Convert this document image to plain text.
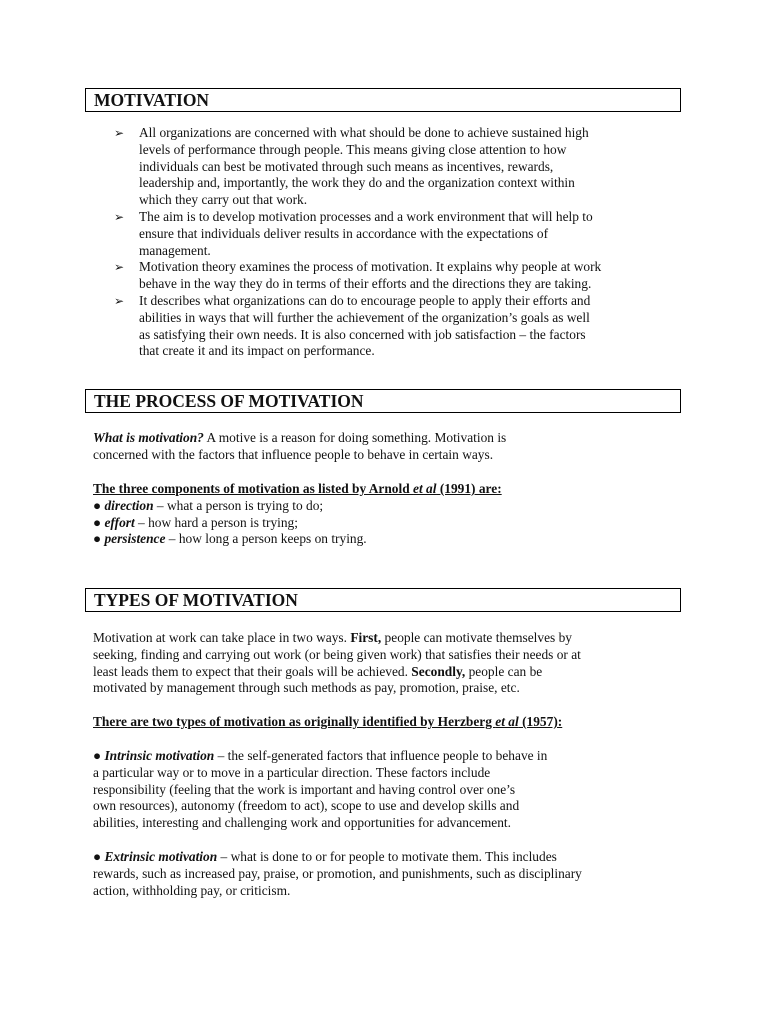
MOTIVATION
➢	All organizations are concerned with what should be done to achieve sustained high
levels of performance through people. This means giving close attention to how
individuals can best be motivated through such means as incentives, rewards,
leadership and, importantly, the work they do and the organization context within
which they carry out that work.
➢	The aim is to develop motivation processes and a work environment that will help to
ensure that individuals deliver results in accordance with the expectations of
management.
➢	Motivation theory examines the process of motivation. It explains why people at work
behave in the way they do in terms of their efforts and the directions they are taking.
➢	It describes what organizations can do to encourage people to apply their efforts and
abilities in ways that will further the achievement of the organization’s goals as well
as satisfying their own needs. It is also concerned with job satisfaction – the factors
that create it and its impact on performance.
THE PROCESS OF MOTIVATION
What is motivation? A motive is a reason for doing something. Motivation is
concerned with the factors that influence people to behave in certain ways.
The three components of motivation as listed by Arnold et al (1991) are:
● direction – what a person is trying to do;
● effort – how hard a person is trying;
● persistence – how long a person keeps on trying.
TYPES OF MOTIVATION
Motivation at work can take place in two ways. First, people can motivate themselves by
seeking, finding and carrying out work (or being given work) that satisfies their needs or at
least leads them to expect that their goals will be achieved. Secondly, people can be
motivated by management through such methods as pay, promotion, praise, etc.
There are two types of motivation as originally identified by Herzberg et al (1957):
● Intrinsic motivation – the self-generated factors that influence people to behave in
a particular way or to move in a particular direction. These factors include
responsibility (feeling that the work is important and having control over one’s
own resources), autonomy (freedom to act), scope to use and develop skills and
abilities, interesting and challenging work and opportunities for advancement.
● Extrinsic motivation – what is done to or for people to motivate them. This includes
rewards, such as increased pay, praise, or promotion, and punishments, such as disciplinary
action, withholding pay, or criticism.
